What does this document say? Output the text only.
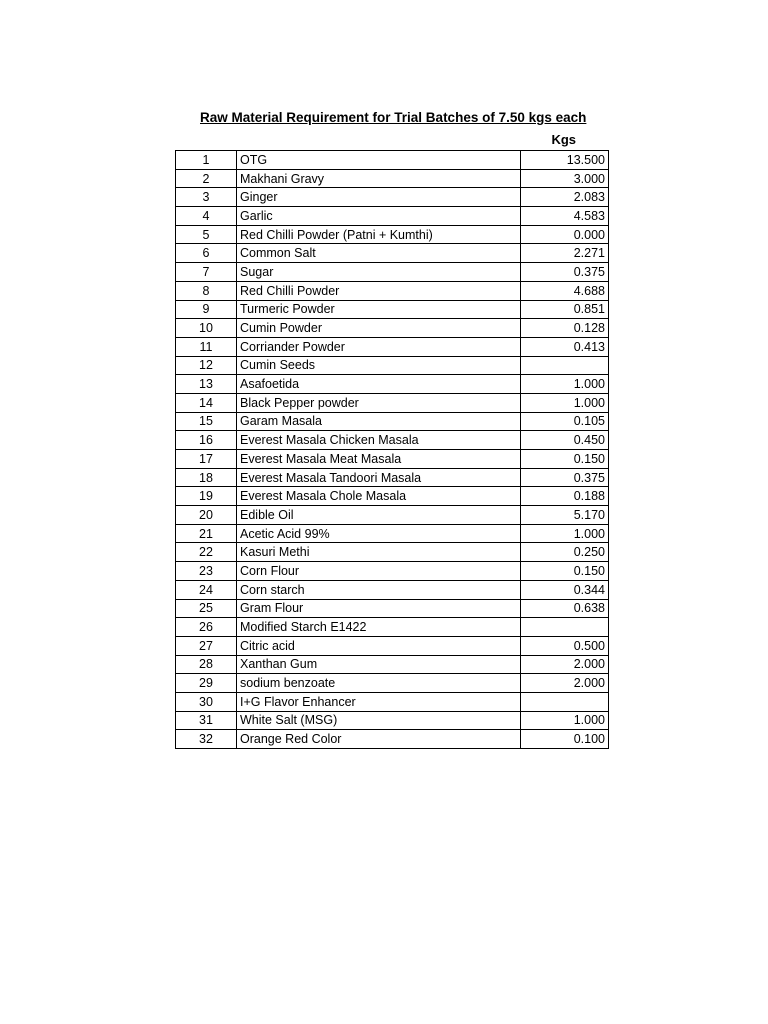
Raw Material Requirement for Trial Batches of 7.50 kgs each
Kgs
1	OTG	13.500
2	Makhani Gravy	3.000
3	Ginger	2.083
4	Garlic	4.583
5	Red Chilli Powder (Patni + Kumthi)	0.000
6	Common Salt	2.271
7	Sugar	0.375
8	Red Chilli Powder	4.688
9	Turmeric Powder	0.851
10	Cumin Powder	0.128
11	Corriander Powder	0.413
12	Cumin Seeds	
13	Asafoetida	1.000
14	Black Pepper powder	1.000
15	Garam Masala	0.105
16	Everest Masala Chicken Masala	0.450
17	Everest Masala Meat Masala	0.150
18	Everest Masala Tandoori Masala	0.375
19	Everest Masala Chole Masala	0.188
20	Edible Oil	5.170
21	Acetic Acid 99%	1.000
22	Kasuri Methi	0.250
23	Corn Flour	0.150
24	Corn starch	0.344
25	Gram Flour	0.638
26	Modified Starch E1422	
27	Citric acid	0.500
28	Xanthan Gum	2.000
29	sodium benzoate	2.000
30	I+G Flavor Enhancer	
31	White Salt (MSG)	1.000
32	Orange Red Color	0.100
